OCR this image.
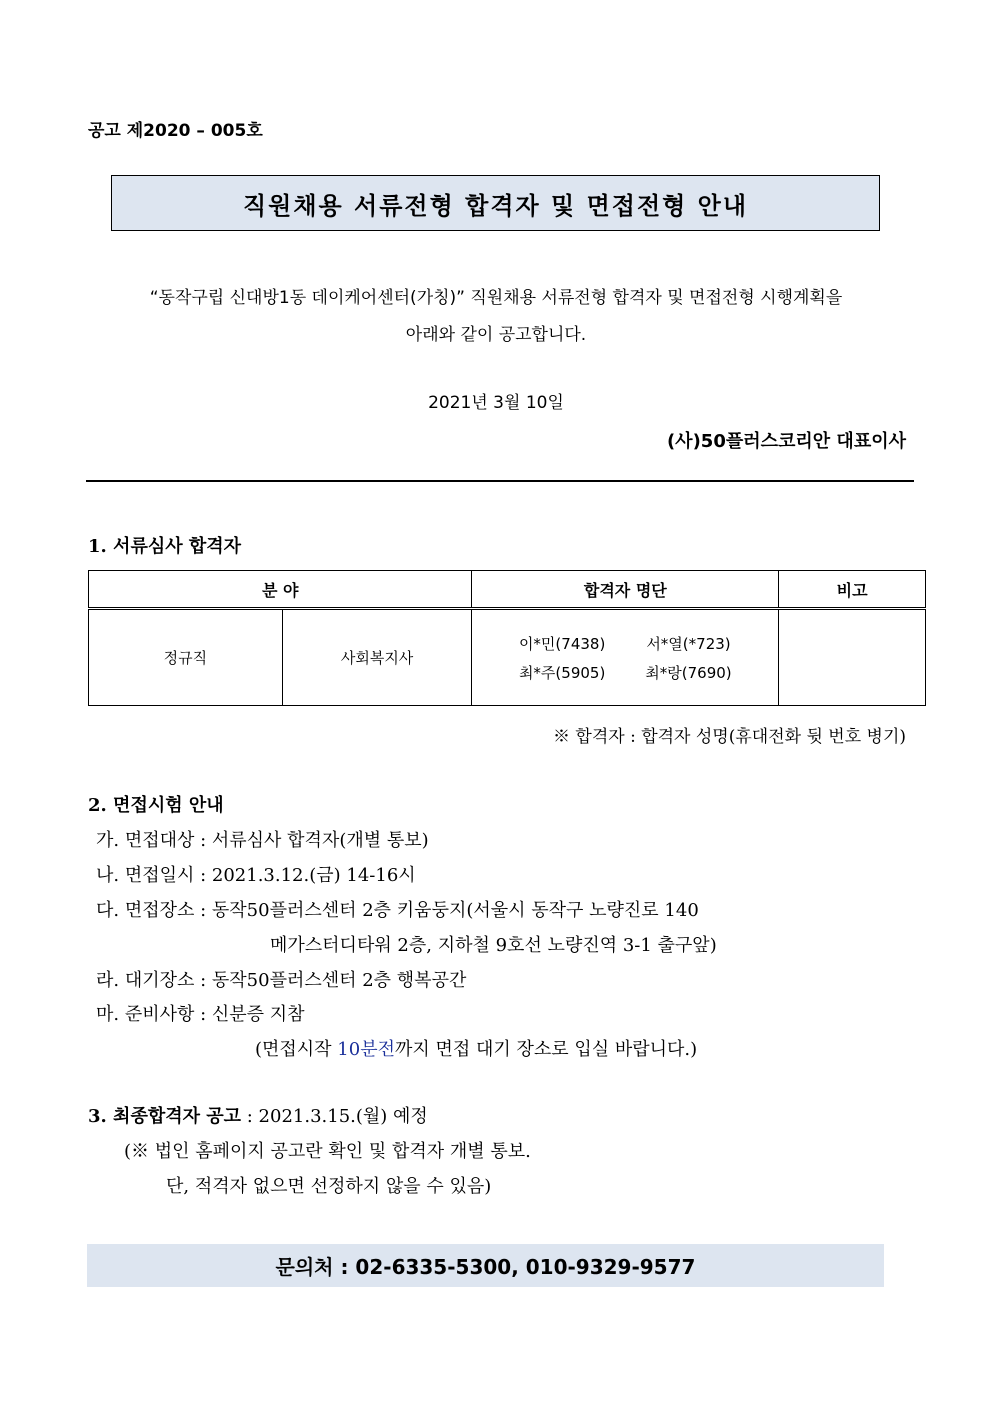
공고 제2020 – 005호
직원채용 서류전형 합격자 및 면접전형 안내
“동작구립 신대방1동 데이케어센터(가칭)” 직원채용 서류전형 합격자 및 면접전형 시행계획을
아래와 같이 공고합니다.
2021년 3월 10일
(사)50플러스코리안 대표이사
1. 서류심사 합격자
분 야		합격자 명단	비고
정규직	사회복지사	이*민(7438) 서*열(*723)
최*주(5905) 최*랑(7690)	

※ 합격자 : 합격자 성명(휴대전화 뒷 번호 병기)
2. 면접시험 안내
가. 면접대상 : 서류심사 합격자(개별 통보)
나. 면접일시 : 2021.3.12.(금) 14-16시
다. 면접장소 : 동작50플러스센터 2층 키움둥지(서울시 동작구 노량진로 140
메가스터디타워 2층, 지하철 9호선 노량진역 3-1 출구앞)
라. 대기장소 : 동작50플러스센터 2층 행복공간
마. 준비사항 : 신분증 지참
(면접시작 10분전까지 면접 대기 장소로 입실 바랍니다.)
3. 최종합격자 공고 : 2021.3.15.(월) 예정
(※ 법인 홈페이지 공고란 확인 및 합격자 개별 통보.
단, 적격자 없으면 선정하지 않을 수 있음)
문의처 : 02-6335-5300, 010-9329-9577
